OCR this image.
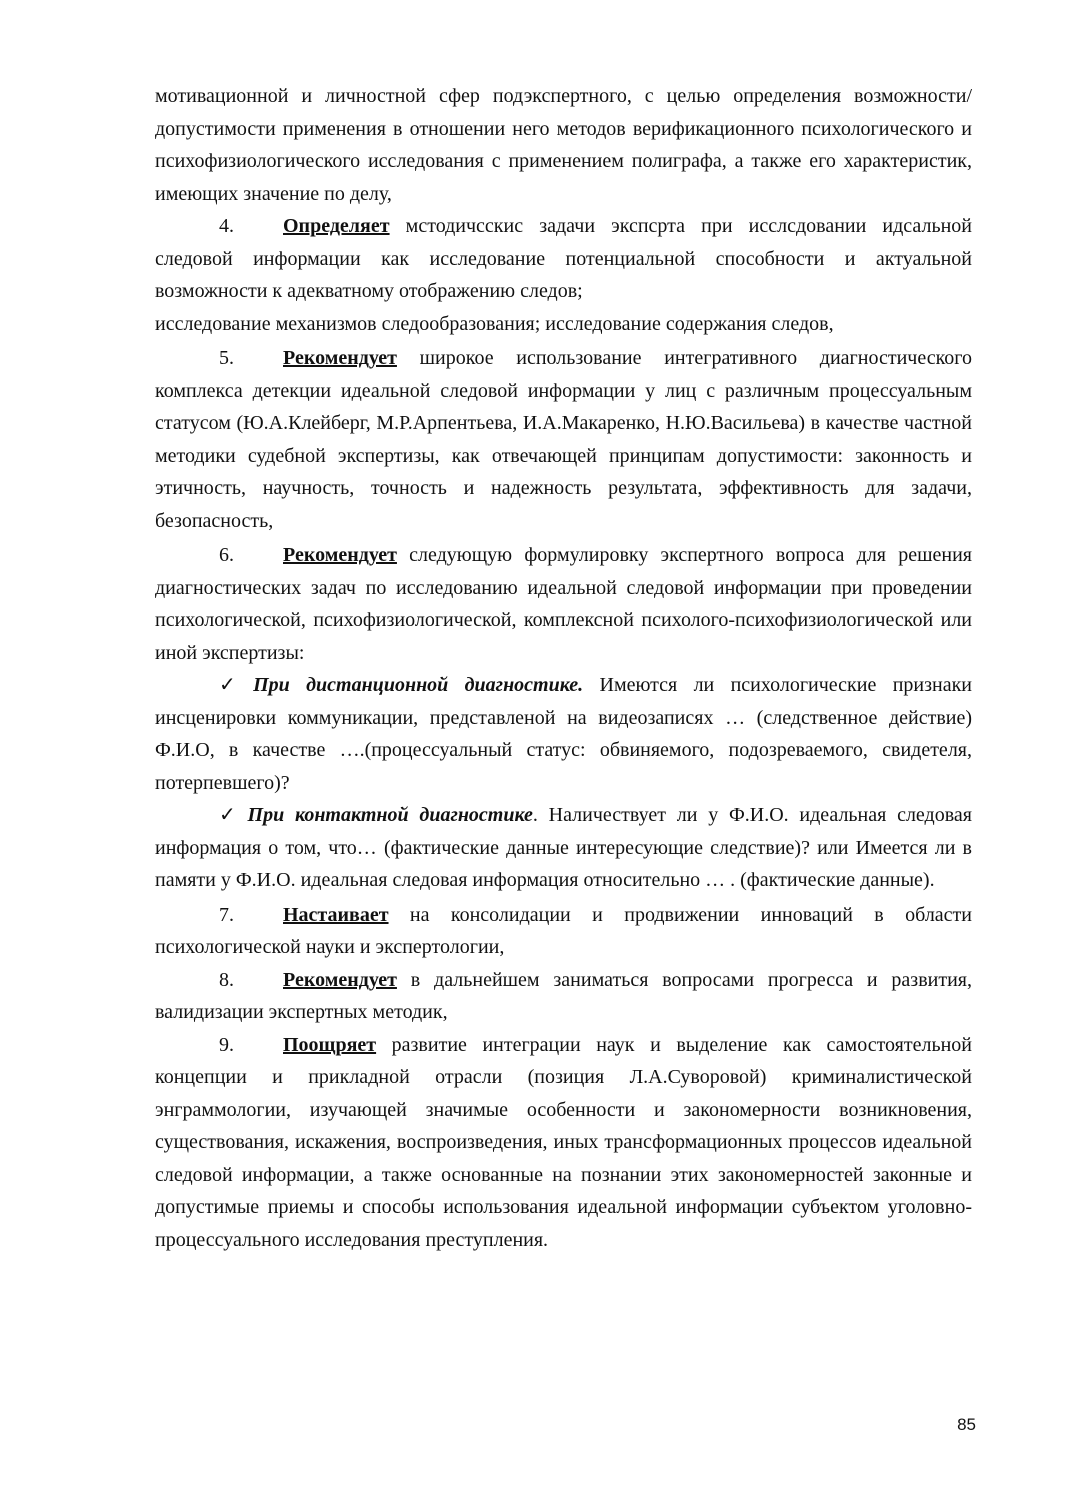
мотивационной и личностной сфер подэкспертного, с целью определения возможности/допустимости применения в отношении него методов верификационного психологического и психофизиологического исследования с применением полиграфа, а также его характеристик, имеющих значение по делу,

4. Определяет мстодичсскис задачи экспсрта при исслсдовании идсальной следовой информации как исследование потенциальной способности и актуальной возможности к адекватному отображению следов;

исследование механизмов следообразования; исследование содержания следов,

5. Рекомендует широкое использование интегративного диагностического комплекса детекции идеальной следовой информации у лиц с различным процессуальным статусом (Ю.А.Клейберг, М.Р.Арпентьева, И.А.Макаренко, Н.Ю.Васильева) в качестве частной методики судебной экспертизы, как отвечающей принципам допустимости: законность и этичность, научность, точность и надежность результата, эффективность для задачи, безопасность,

6. Рекомендует следующую формулировку экспертного вопроса для решения диагностических задач по исследованию идеальной следовой информации при проведении психологической, психофизиологической, комплексной психолого-психофизиологической или иной экспертизы:

✓ При дистанционной диагностике. Имеются ли психологические признаки инсценировки коммуникации, представленой на видеозаписях … (следственное действие) Ф.И.О, в качестве ….(процессуальный статус: обвиняемого, подозреваемого, свидетеля, потерпевшего)?

✓ При контактной диагностике. Наличествует ли у Ф.И.О. идеальная следовая информация о том, что… (фактические данные интересующие следствие)? или Имеется ли в памяти у Ф.И.О. идеальная следовая информация относительно … . (фактические данные).

7. Настаивает на консолидации и продвижении инноваций в области психологической науки и экспертологии,

8. Рекомендует в дальнейшем заниматься вопросами прогресса и развития, валидизации экспертных методик,

9. Поощряет развитие интеграции наук и выделение как самостоятельной концепции и прикладной отрасли (позиция Л.А.Суворовой) криминалистической энграммологии, изучающей значимые особенности и закономерности возникновения, существования, искажения, воспроизведения, иных трансформационных процессов идеальной следовой информации, а также основанные на познании этих закономерностей законные и допустимые приемы и способы использования идеальной информации субъектом уголовно-процессуального исследования преступления.

85
